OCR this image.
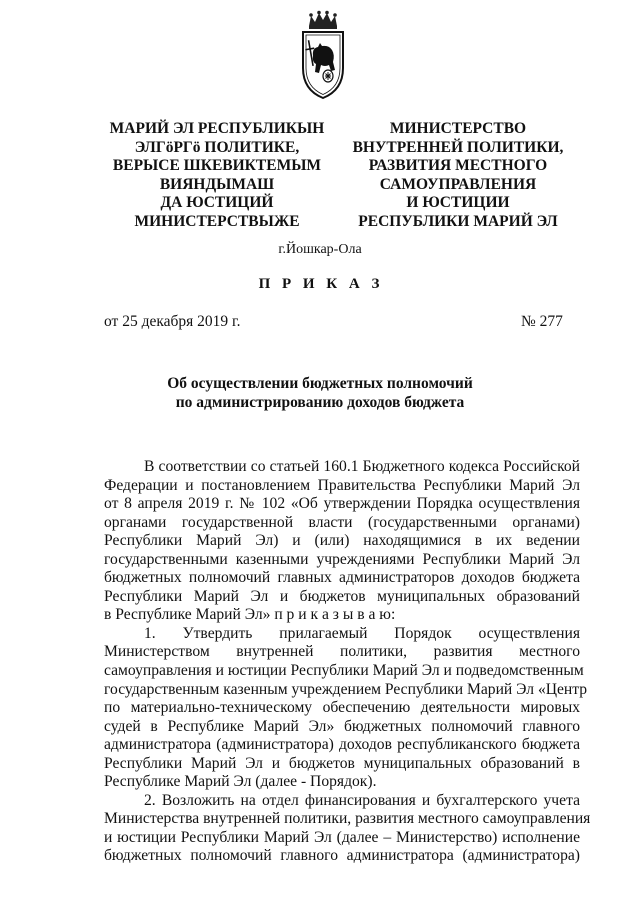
МАРИЙ ЭЛ РЕСПУБЛИКЫН
ЭЛГӧРГӧ ПОЛИТИКЕ,
ВЕРЫСЕ ШКЕВИКТЕМЫМ
ВИЯНДЫМАШ
ДА ЮСТИЦИЙ
МИНИСТЕРСТВЫЖЕ
МИНИСТЕРСТВО
ВНУТРЕННЕЙ ПОЛИТИКИ,
РАЗВИТИЯ МЕСТНОГО
САМОУПРАВЛЕНИЯ
И ЮСТИЦИИ
РЕСПУБЛИКИ МАРИЙ ЭЛ
г.Йошкар-Ола
П Р И К А З
от 25 декабря 2019 г.	№ 277
Об осуществлении бюджетных полномочий
по администрированию доходов бюджета
В соответствии со статьей 160.1 Бюджетного кодекса Российской
Федерации и постановлением Правительства Республики Марий Эл
от 8 апреля 2019 г. № 102 «Об утверждении Порядка осуществления
органами государственной власти (государственными органами)
Республики Марий Эл) и (или) находящимися в их ведении
государственными казенными учреждениями Республики Марий Эл
бюджетных полномочий главных администраторов доходов бюджета
Республики Марий Эл и бюджетов муниципальных образований
в Республике Марий Эл» п р и к а з ы в а ю:
1. Утвердить прилагаемый Порядок осуществления
Министерством внутренней политики, развития местного
самоуправления и юстиции Республики Марий Эл и подведомственным
государственным казенным учреждением Республики Марий Эл «Центр
по материально-техническому обеспечению деятельности мировых
судей в Республике Марий Эл» бюджетных полномочий главного
администратора (администратора) доходов республиканского бюджета
Республики Марий Эл и бюджетов муниципальных образований в
Республике Марий Эл (далее - Порядок).
2. Возложить на отдел финансирования и бухгалтерского учета
Министерства внутренней политики, развития местного самоуправления
и юстиции Республики Марий Эл (далее – Министерство) исполнение
бюджетных полномочий главного администратора (администратора)
